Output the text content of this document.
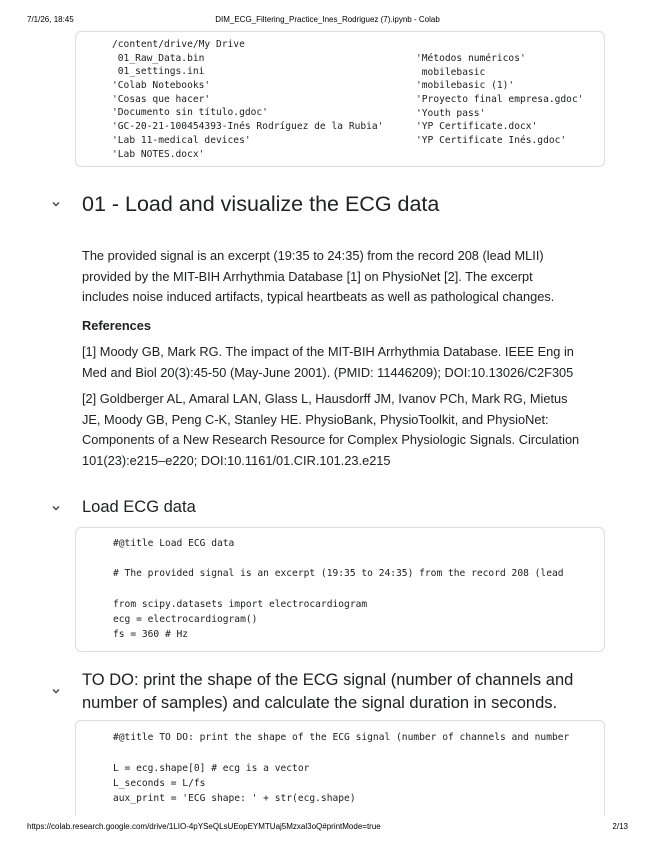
7/1/26, 18:45	DIM_ECG_Filtering_Practice_Ines_Rodriguez (7).ipynb - Colab
/content/drive/My Drive
01_Raw_Data.bin
01_settings.ini
'Colab Notebooks'
'Cosas que hacer'
'Documento sin título.gdoc'
'GC-20-21-100454393-Inés Rodríguez de la Rubia'
'Lab 11-medical devices'
'Lab NOTES.docx'
'Métodos numéricos'
mobilebasic
'mobilebasic (1)'
'Proyecto final empresa.gdoc'
'Youth pass'
'YP Certificate.docx'
'YP Certificate Inés.gdoc'
01 - Load and visualize the ECG data
The provided signal is an excerpt (19:35 to 24:35) from the record 208 (lead MLII) provided by the MIT-BIH Arrhythmia Database [1] on PhysioNet [2]. The excerpt includes noise induced artifacts, typical heartbeats as well as pathological changes.
References
[1] Moody GB, Mark RG. The impact of the MIT-BIH Arrhythmia Database. IEEE Eng in Med and Biol 20(3):45-50 (May-June 2001). (PMID: 11446209); DOI:10.13026/C2F305
[2] Goldberger AL, Amaral LAN, Glass L, Hausdorff JM, Ivanov PCh, Mark RG, Mietus JE, Moody GB, Peng C-K, Stanley HE. PhysioBank, PhysioToolkit, and PhysioNet: Components of a New Research Resource for Complex Physiologic Signals. Circulation 101(23):e215–e220; DOI:10.1161/01.CIR.101.23.e215
Load ECG data
#@title Load ECG data
# The provided signal is an excerpt (19:35 to 24:35) from the record 208 (lead
from scipy.datasets import electrocardiogram
ecg = electrocardiogram()
fs = 360 # Hz
TO DO: print the shape of the ECG signal (number of channels and
number of samples) and calculate the signal duration in seconds.
#@title TO DO: print the shape of the ECG signal (number of channels and number
L = ecg.shape[0] # ecg is a vector
L_seconds = L/fs
aux_print = 'ECG shape: ' + str(ecg.shape)
https://colab.research.google.com/drive/1LIO-4pYSeQLsUEopEYMTUaj5Mzxal3oQ#printMode=true	2/13
